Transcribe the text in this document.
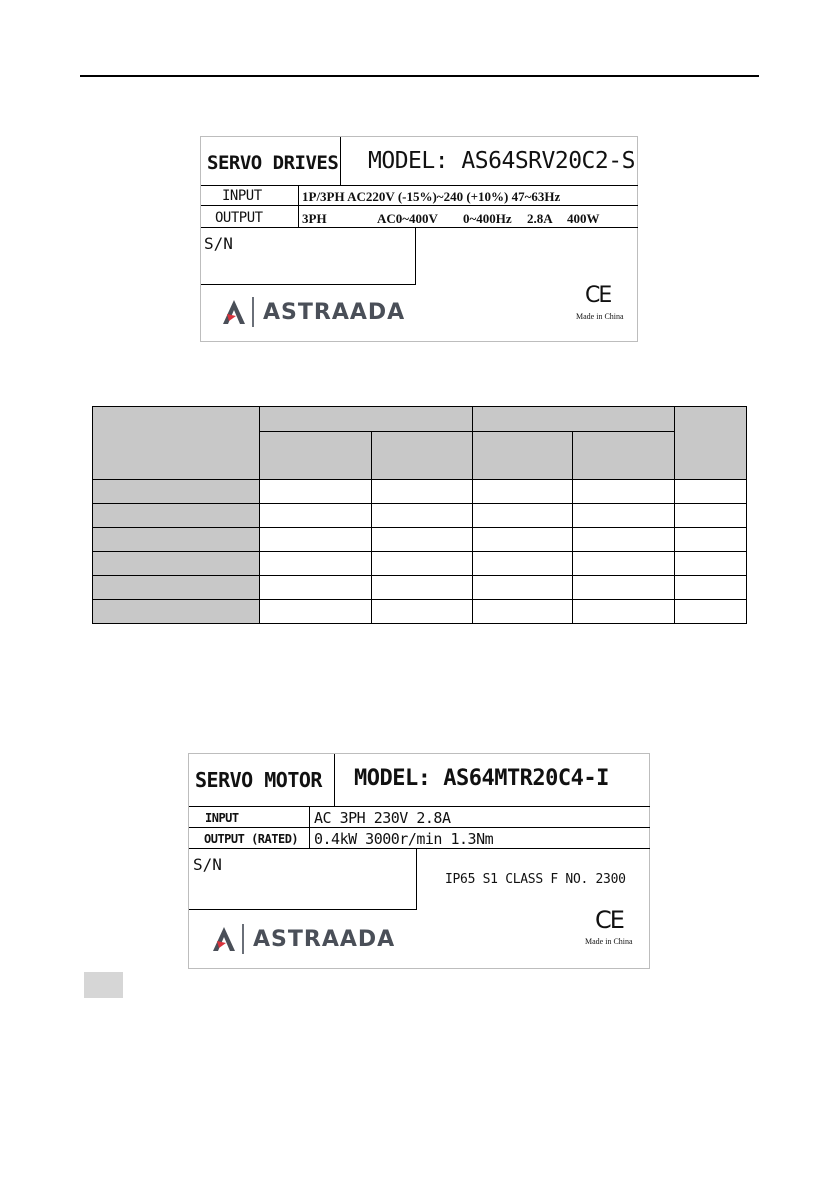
SERVO DRIVES MODEL: AS64SRV20C2-S
INPUT	1P/3PH AC220V (-15%)~240 (+10%) 47~63Hz
OUTPUT	3PH	AC0~400V 0~400Hz 2.8A 400W
S/N
ASTRAADA
CE
Made in China

SERVO MOTOR MODEL: AS64MTR20C4-I
INPUT	AC 3PH 230V 2.8A
OUTPUT (RATED) 0.4kW 3000r/min 1.3Nm
S/N
IP65 S1 CLASS F NO. 2300
ASTRAADA
CE
Made in China
